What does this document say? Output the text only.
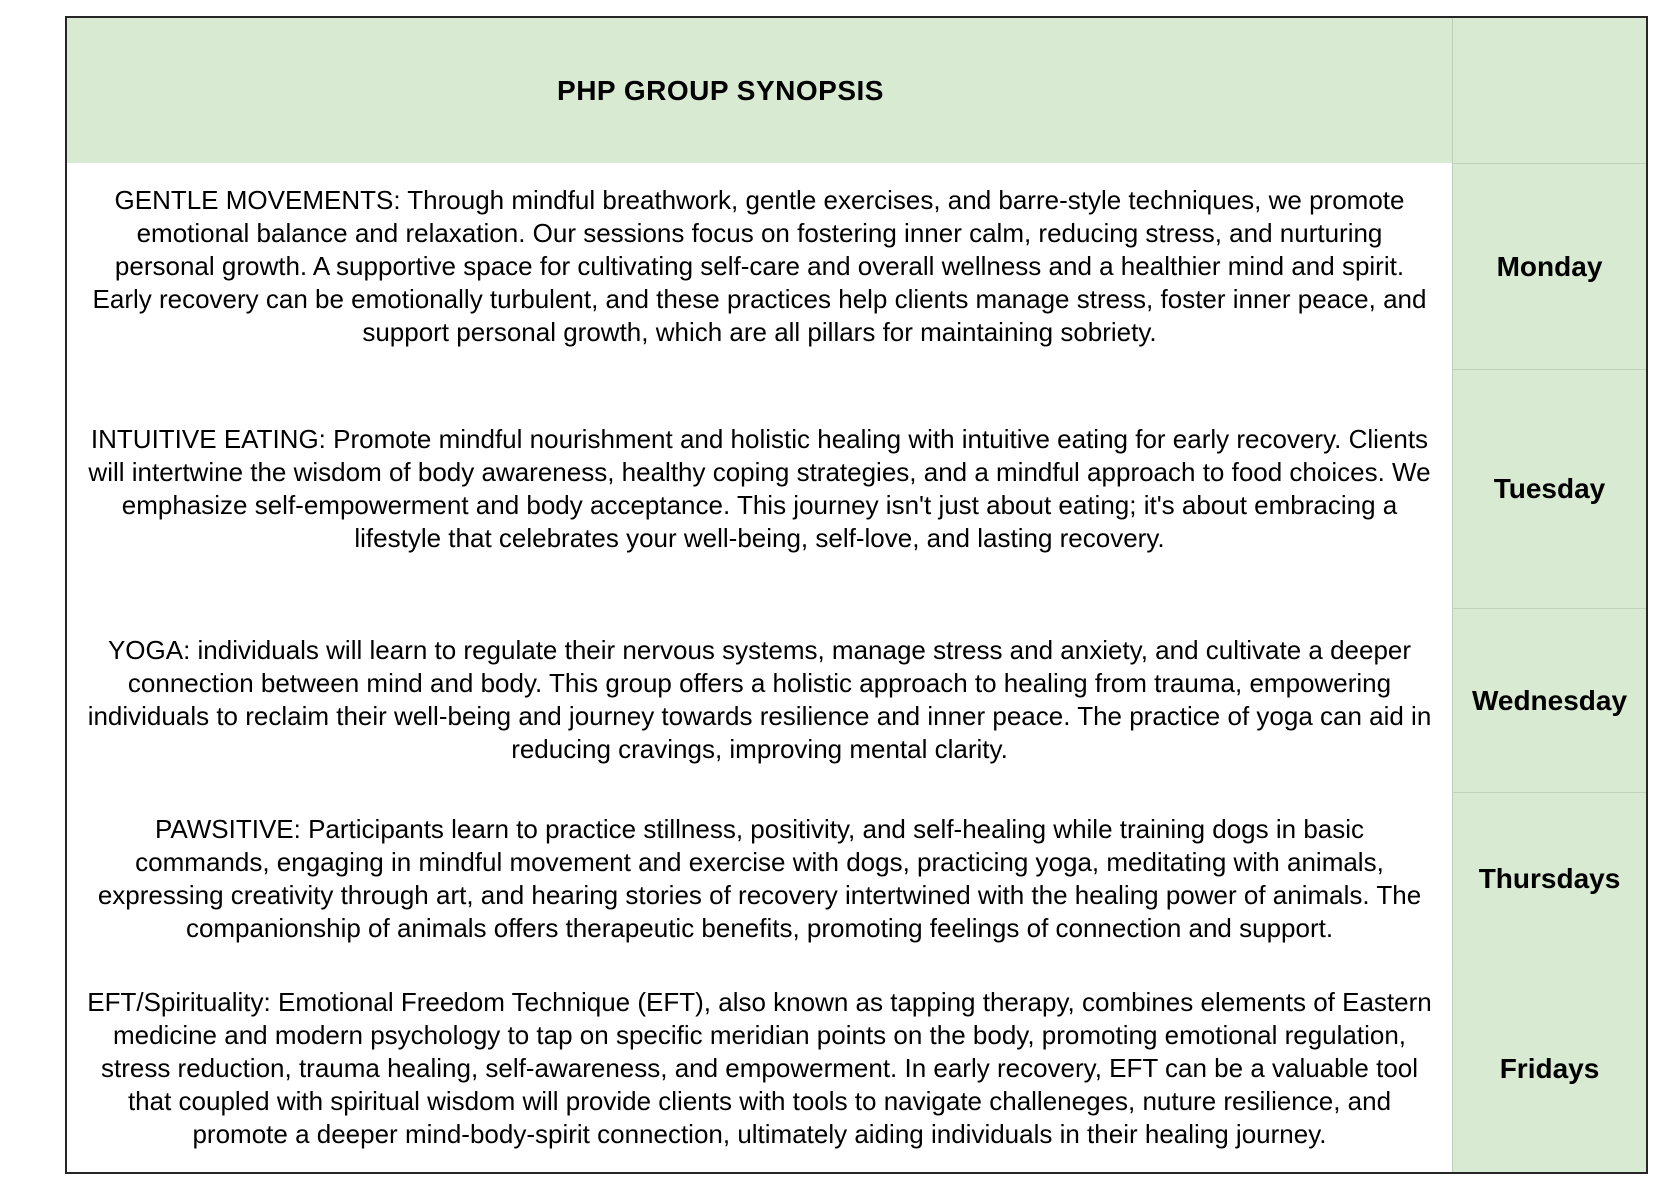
PHP GROUP SYNOPSIS
GENTLE MOVEMENTS: Through mindful breathwork, gentle exercises, and barre-style techniques, we promote emotional balance and relaxation. Our sessions focus on fostering inner calm, reducing stress, and nurturing personal growth. A supportive space for cultivating self-care and overall wellness and a healthier mind and spirit. Early recovery can be emotionally turbulent, and these practices help clients manage stress, foster inner peace, and support personal growth, which are all pillars for maintaining sobriety.
Monday
INTUITIVE EATING: Promote mindful nourishment and holistic healing with intuitive eating for early recovery. Clients will intertwine the wisdom of body awareness, healthy coping strategies, and a mindful approach to food choices. We emphasize self-empowerment and body acceptance. This journey isn't just about eating; it's about embracing a lifestyle that celebrates your well-being, self-love, and lasting recovery.
Tuesday
YOGA: individuals will learn to regulate their nervous systems, manage stress and anxiety, and cultivate a deeper connection between mind and body. This group offers a holistic approach to healing from trauma, empowering individuals to reclaim their well-being and journey towards resilience and inner peace. The practice of yoga can aid in reducing cravings, improving mental clarity.
Wednesday
PAWSITIVE: Participants learn to practice stillness, positivity, and self-healing while training dogs in basic commands, engaging in mindful movement and exercise with dogs, practicing yoga, meditating with animals, expressing creativity through art, and hearing stories of recovery intertwined with the healing power of animals. The companionship of animals offers therapeutic benefits, promoting feelings of connection and support.
Thursdays
EFT/Spirituality: Emotional Freedom Technique (EFT), also known as tapping therapy, combines elements of Eastern medicine and modern psychology to tap on specific meridian points on the body, promoting emotional regulation, stress reduction, trauma healing, self-awareness, and empowerment. In early recovery, EFT can be a valuable tool that coupled with spiritual wisdom will provide clients with tools to navigate challeneges, nuture resilience, and promote a deeper mind-body-spirit connection, ultimately aiding individuals in their healing journey.
Fridays
